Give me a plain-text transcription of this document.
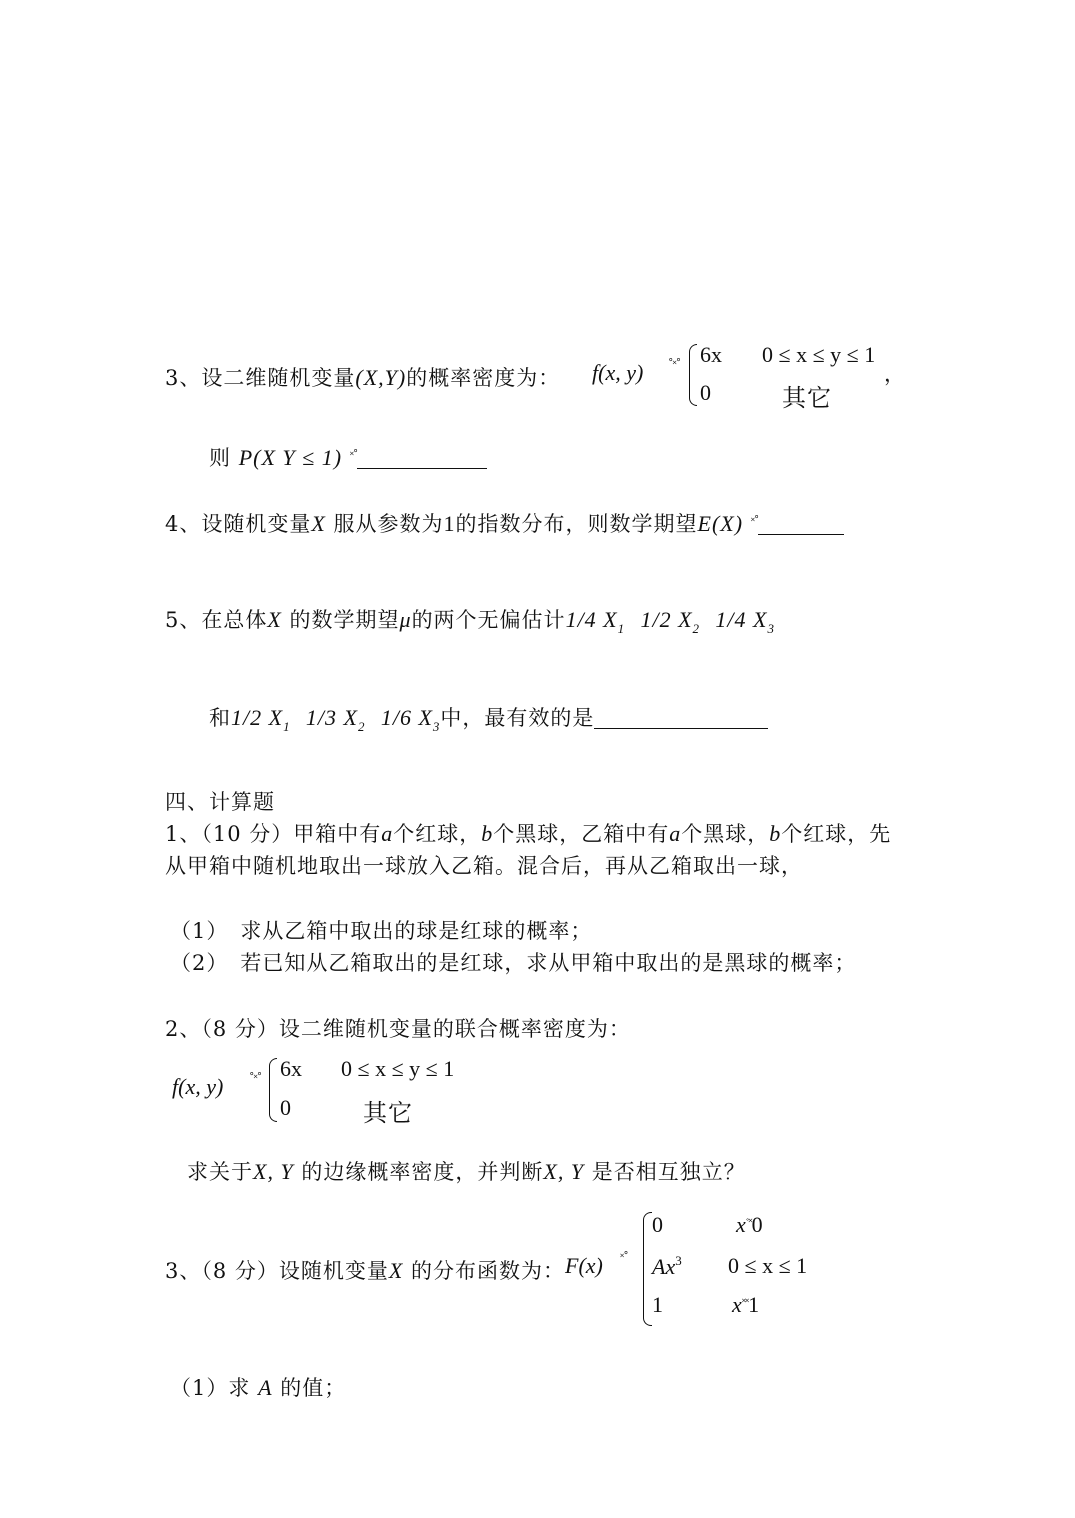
3、设二维随机变量(X,Y)的概率密度为： f(x, y) ˚˟˚ 6x 0 ≤ x ≤ y ≤ 1
0	其它
，
则 P(X Y ≤ 1) ˟˚
4、设随机变量X 服从参数为1的指数分布，则数学期望E(X) ˟˚
5、在总体X 的数学期望μ的两个无偏估计1/4 $X_1$ 1/2 $X_2$ 1/4 $X_3$
和1/2 $X_1$ 1/3 $X_2$ 1/6 $X_3$中，最有效的是
四、计算题
1、（10 分）甲箱中有a个红球，b个黑球，乙箱中有a个黑球，b个红球，先
从甲箱中随机地取出一球放入乙箱。混合后，再从乙箱取出一球，
（1） 求从乙箱中取出的球是红球的概率；
（2） 若已知从乙箱取出的是红球，求从甲箱中取出的是黑球的概率；
2、（8 分）设二维随机变量的联合概率密度为：
f(x, y) ˚˟˚ 6x 0 ≤ x ≤ y ≤ 1
0	其它
求关于X, Y 的边缘概率密度，并判断X, Y 是否相互独立？
3、（8 分）设随机变量X 的分布函数为： F(x) ˟˚
0	x˚˟0
Ax$^3$ 0 ≤ x ≤ 1
1	x˟˟1
（1）求 A 的值；
